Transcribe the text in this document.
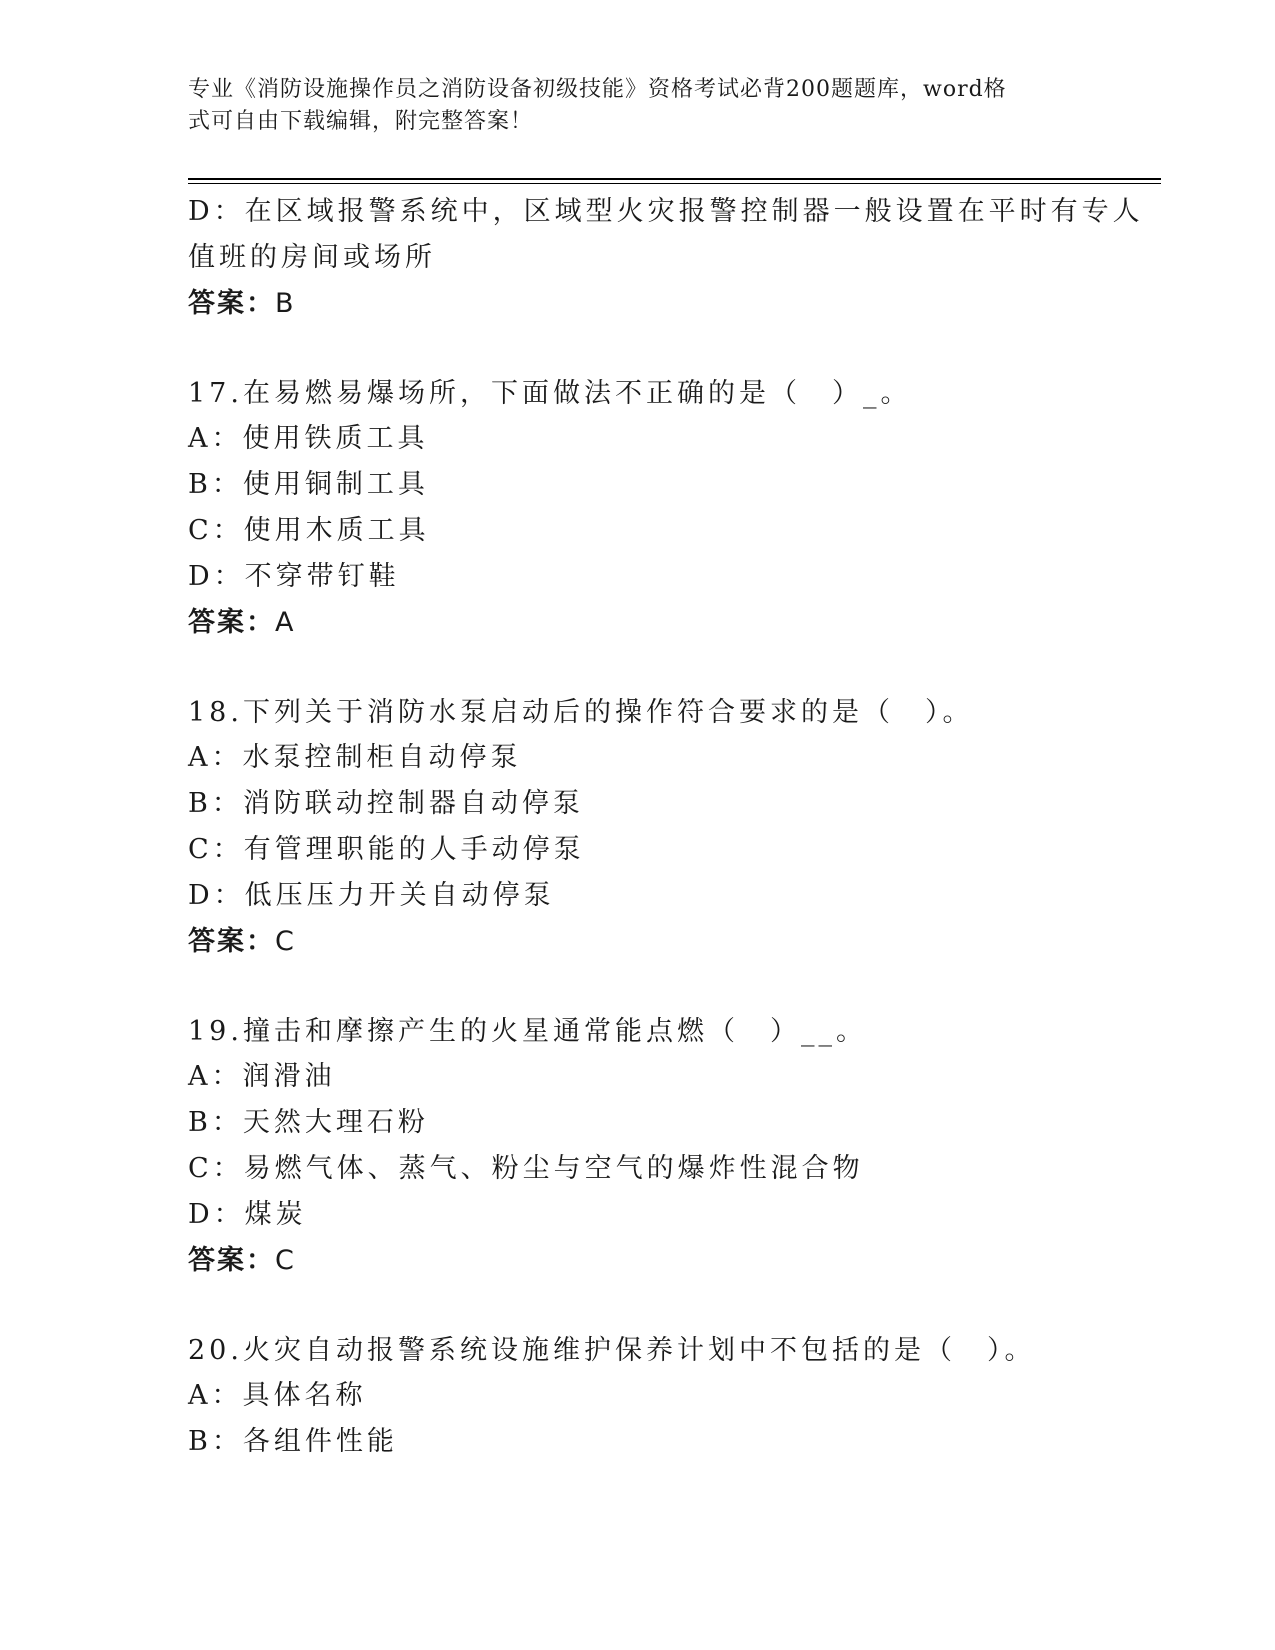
专业《消防设施操作员之消防设备初级技能》资格考试必背200题题库，word格
式可自由下载编辑，附完整答案！
D：在区域报警系统中，区域型火灾报警控制器一般设置在平时有专人
值班的房间或场所
答案：B
17.在易燃易爆场所，下面做法不正确的是（　）_。
A：使用铁质工具
B：使用铜制工具
C：使用木质工具
D：不穿带钉鞋
答案：A
18.下列关于消防水泵启动后的操作符合要求的是（　）。
A：水泵控制柜自动停泵
B：消防联动控制器自动停泵
C：有管理职能的人手动停泵
D：低压压力开关自动停泵
答案：C
19.撞击和摩擦产生的火星通常能点燃（　）__。
A：润滑油
B：天然大理石粉
C：易燃气体、蒸气、粉尘与空气的爆炸性混合物
D：煤炭
答案：C
20.火灾自动报警系统设施维护保养计划中不包括的是（　）。
A：具体名称
B：各组件性能
